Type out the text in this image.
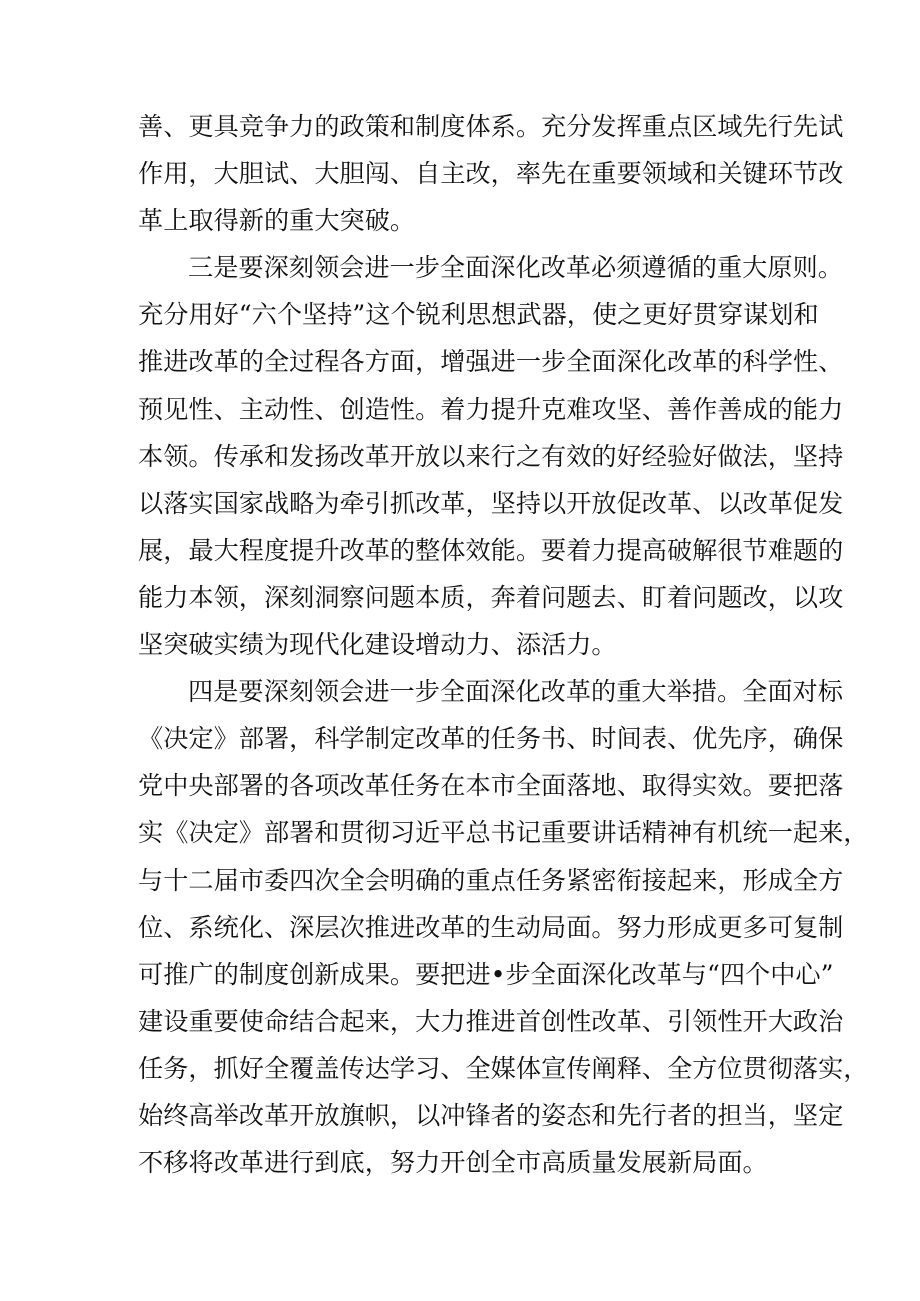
善、更具竞争力的政策和制度体系。充分发挥重点区域先行先试
作用，大胆试、大胆闯、自主改，率先在重要领域和关键环节改
革上取得新的重大突破。
三是要深刻领会进一步全面深化改革必须遵循的重大原则。
充分用好“六个坚持”这个锐利思想武器，使之更好贯穿谋划和
推进改革的全过程各方面，增强进一步全面深化改革的科学性、
预见性、主动性、创造性。着力提升克难攻坚、善作善成的能力
本领。传承和发扬改革开放以来行之有效的好经验好做法，坚持
以落实国家战略为牵引抓改革，坚持以开放促改革、以改革促发
展，最大程度提升改革的整体效能。要着力提高破解很节难题的
能力本领，深刻洞察问题本质，奔着问题去、盯着问题改，以攻
坚突破实绩为现代化建设增动力、添活力。
四是要深刻领会进一步全面深化改革的重大举措。全面对标
《决定》部署，科学制定改革的任务书、时间表、优先序，确保
党中央部署的各项改革任务在本市全面落地、取得实效。要把落
实《决定》部署和贯彻习近平总书记重要讲话精神有机统一起来，
与十二届市委四次全会明确的重点任务紧密衔接起来，形成全方
位、系统化、深层次推进改革的生动局面。努力形成更多可复制
可推广的制度创新成果。要把进•步全面深化改革与“四个中心”
建设重要使命结合起来，大力推进首创性改革、引领性开大政治
任务，抓好全覆盖传达学习、全媒体宣传阐释、全方位贯彻落实，
始终高举改革开放旗帜，以冲锋者的姿态和先行者的担当，坚定
不移将改革进行到底，努力开创全市高质量发展新局面。
